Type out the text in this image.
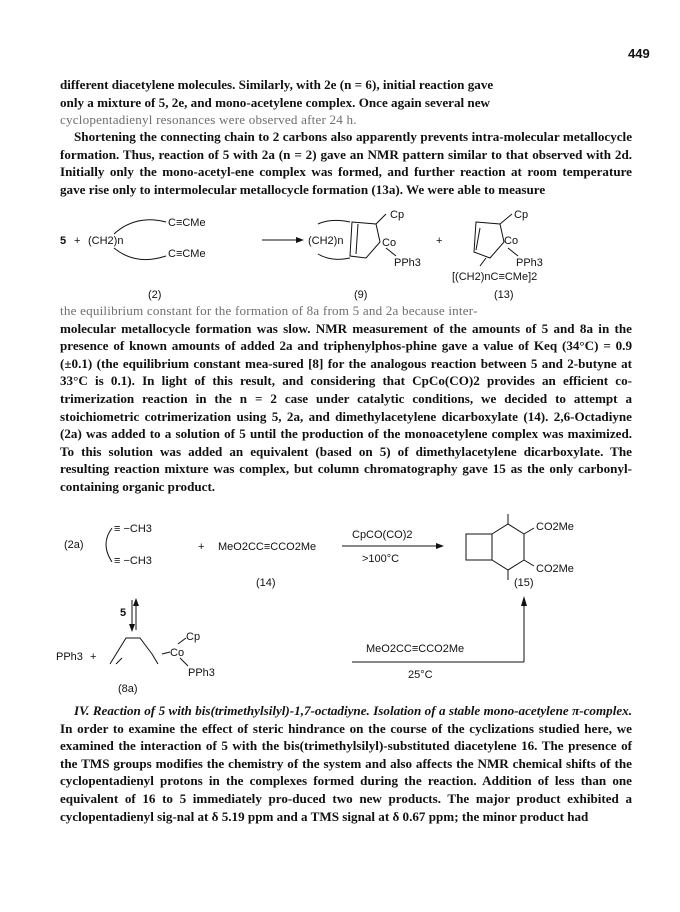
449

different diacetylene molecules. Similarly, with 2e (n = 6), initial reaction gave

only a mixture of 5, 2e, and mono-acetylene complex. Once again several new

cyclopentadienyl resonances were observed after 24 h.

Shortening the connecting chain to 2 carbons also apparently prevents intra-molecular metallocycle formation. Thus, reaction of 5 with 2a (n = 2) gave an NMR pattern similar to that observed with 2d. Initially only the mono-acetyl-ene complex was formed, and further reaction at room temperature gave rise only to intermolecular metallocycle formation (13a). We were able to measure

5 + (CH2)n
C≡CMe
C≡CMe
(CH2)n
Cp
Co
PPh3
+
Cp
Co
PPh3
[(CH2)nC≡CMe]2
(2)	(9)	(13)

the equilibrium constant for the formation of 8a from 5 and 2a because inter-

molecular metallocycle formation was slow. NMR measurement of the amounts of 5 and 8a in the presence of known amounts of added 2a and triphenylphos-phine gave a value of Keq (34°C) = 0.9 (±0.1) (the equilibrium constant mea-sured [8] for the analogous reaction between 5 and 2-butyne at 33°C is 0.1). In light of this result, and considering that CpCo(CO)2 provides an efficient co-trimerization reaction in the n = 2 case under catalytic conditions, we decided to attempt a stoichiometric cotrimerization using 5, 2a, and dimethylacetylene dicarboxylate (14). 2,6-Octadiyne (2a) was added to a solution of 5 until the production of the monoacetylene complex was maximized. To this solution was added an equivalent (based on 5) of dimethylacetylene dicarboxylate. The resulting reaction mixture was complex, but column chromatography gave 15 as the only carbonyl-containing organic product.

(2a)
≡ −CH3
≡ −CH3
+ MeO2CC≡CCO2Me
CpCO(CO)2
>100°C
(14)
CO2Me
CO2Me
(15)
5
PPh3 +	Co
Cp
PPh3
(8a)
MeO2CC≡CCO2Me
25°C

IV. Reaction of 5 with bis(trimethylsilyl)-1,7-octadiyne. Isolation of a stable mono-acetylene π-complex. In order to examine the effect of steric hindrance on the course of the cyclizations studied here, we examined the interaction of 5 with the bis(trimethylsilyl)-substituted diacetylene 16. The presence of the TMS groups modifies the chemistry of the system and also affects the NMR chemical shifts of the cyclopentadienyl protons in the complexes formed during the reaction. Addition of less than one equivalent of 16 to 5 immediately pro-duced two new products. The major product exhibited a cyclopentadienyl sig-nal at δ 5.19 ppm and a TMS signal at δ 0.67 ppm; the minor product had
